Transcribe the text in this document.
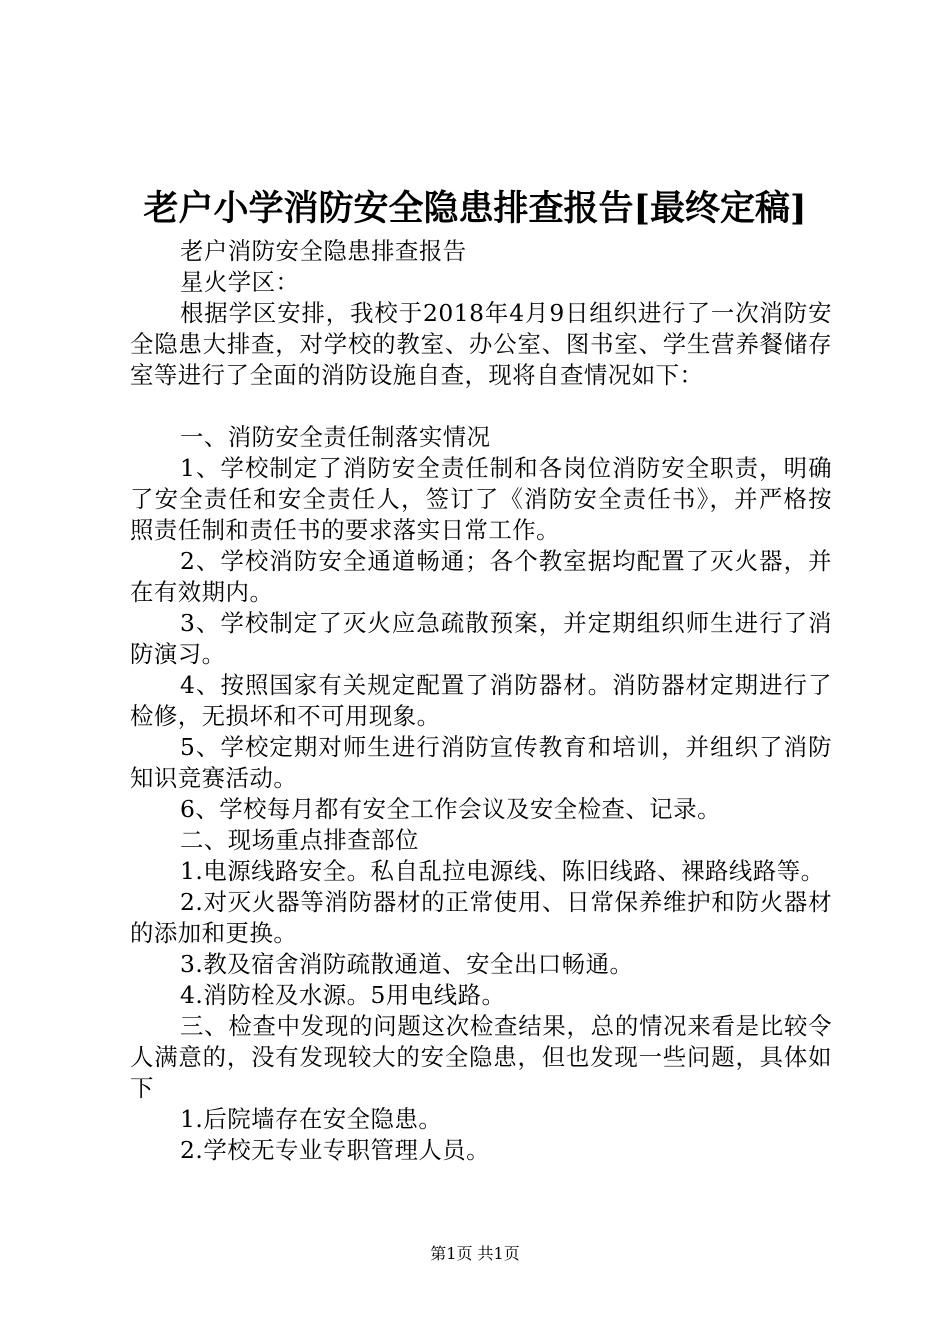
老户小学消防安全隐患排查报告[最终定稿]

老户消防安全隐患排查报告

星火学区：

根据学区安排，我校于2018年4月9日组织进行了一次消防安全隐患大排查，对学校的教室、办公室、图书室、学生营养餐储存室等进行了全面的消防设施自查，现将自查情况如下：

一、消防安全责任制落实情况

1、学校制定了消防安全责任制和各岗位消防安全职责，明确了安全责任和安全责任人，签订了《消防安全责任书》，并严格按照责任制和责任书的要求落实日常工作。

2、学校消防安全通道畅通；各个教室据均配置了灭火器，并在有效期内。

3、学校制定了灭火应急疏散预案，并定期组织师生进行了消防演习。

4、按照国家有关规定配置了消防器材。消防器材定期进行了检修，无损坏和不可用现象。

5、学校定期对师生进行消防宣传教育和培训，并组织了消防知识竞赛活动。

6、学校每月都有安全工作会议及安全检查、记录。

二、现场重点排查部位

1.电源线路安全。私自乱拉电源线、陈旧线路、裸路线路等。

2.对灭火器等消防器材的正常使用、日常保养维护和防火器材的添加和更换。

3.教及宿舍消防疏散通道、安全出口畅通。

4.消防栓及水源。5用电线路。

三、检查中发现的问题这次检查结果，总的情况来看是比较令人满意的，没有发现较大的安全隐患，但也发现一些问题，具体如下

1.后院墙存在安全隐患。

2.学校无专业专职管理人员。

第1页 共1页
